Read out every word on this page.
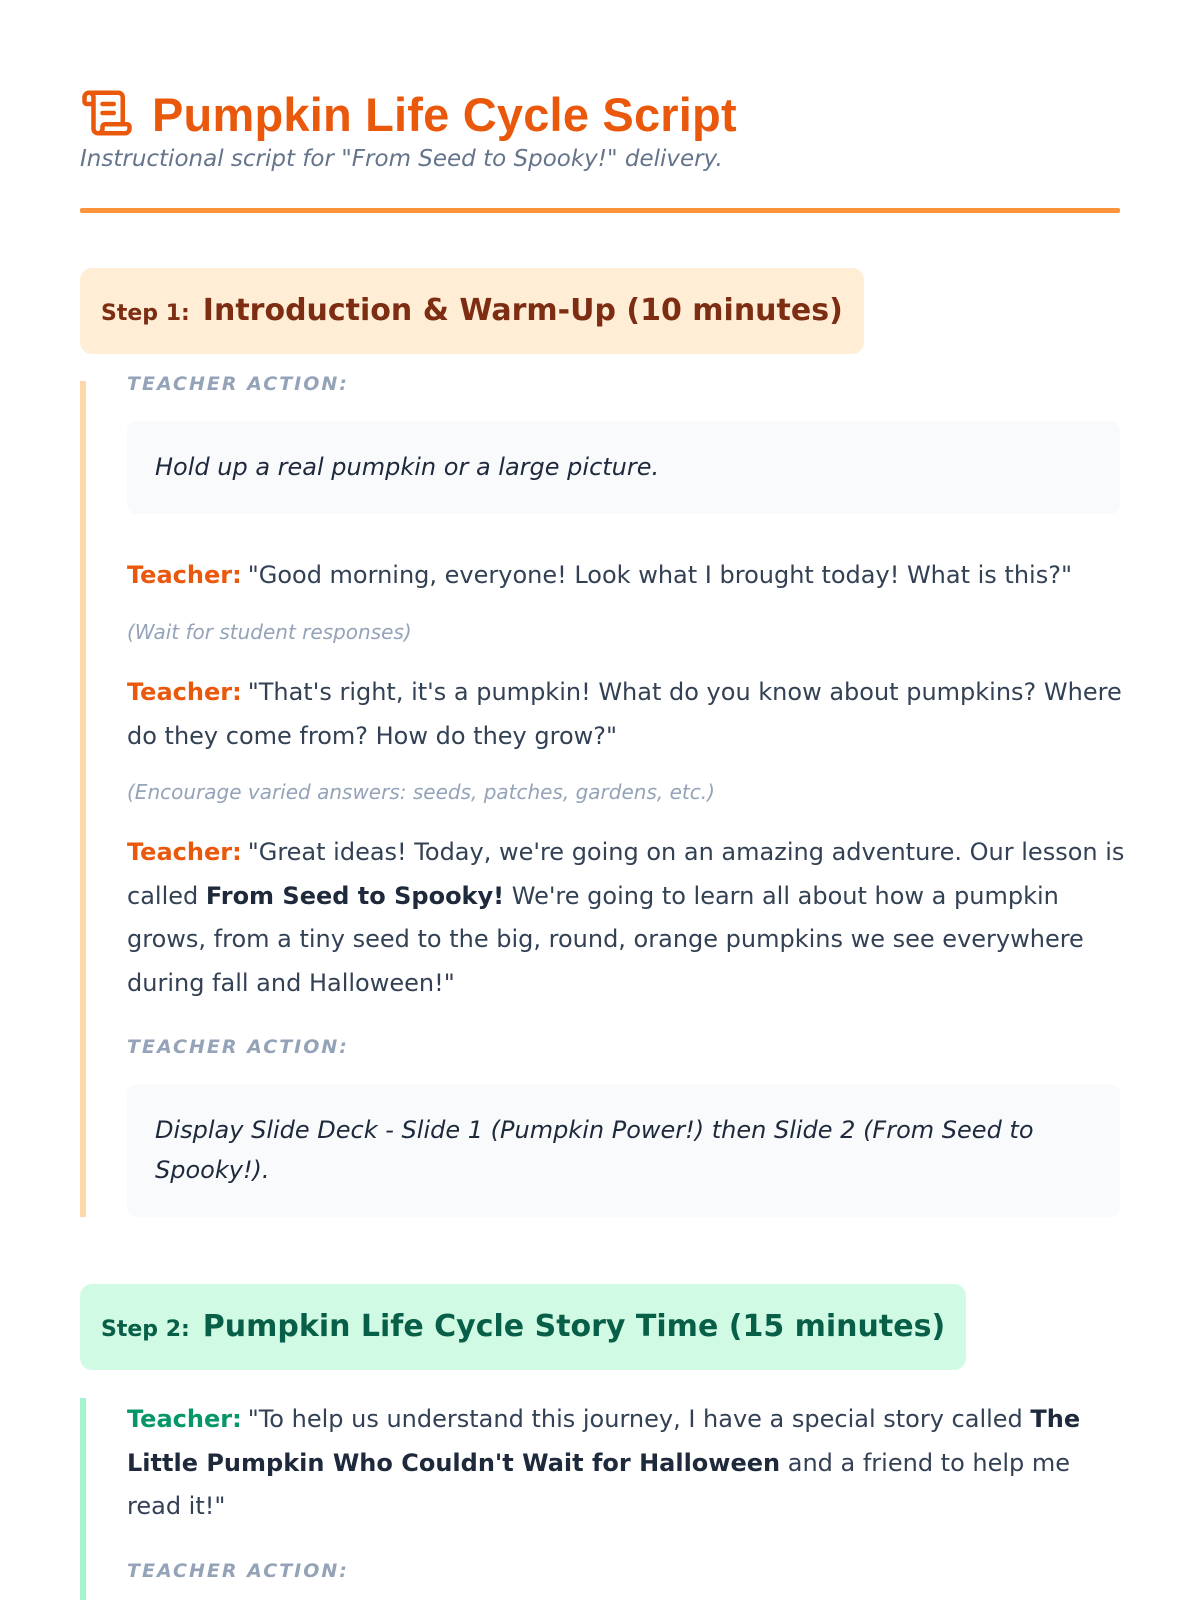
Pumpkin Life Cycle Script
Instructional script for "From Seed to Spooky!" delivery.
Step 1: Introduction & Warm-Up (10 minutes)
TEACHER ACTION:
Hold up a real pumpkin or a large picture.
Teacher: "Good morning, everyone! Look what I brought today! What is this?"
(Wait for student responses)
Teacher: "That's right, it's a pumpkin! What do you know about pumpkins? Where do they come from? How do they grow?"
(Encourage varied answers: seeds, patches, gardens, etc.)
Teacher: "Great ideas! Today, we're going on an amazing adventure. Our lesson is called From Seed to Spooky! We're going to learn all about how a pumpkin grows, from a tiny seed to the big, round, orange pumpkins we see everywhere during fall and Halloween!"
TEACHER ACTION:
Display Slide Deck - Slide 1 (Pumpkin Power!) then Slide 2 (From Seed to Spooky!).
Step 2: Pumpkin Life Cycle Story Time (15 minutes)
Teacher: "To help us understand this journey, I have a special story called The Little Pumpkin Who Couldn't Wait for Halloween and a friend to help me read it!"
TEACHER ACTION:
